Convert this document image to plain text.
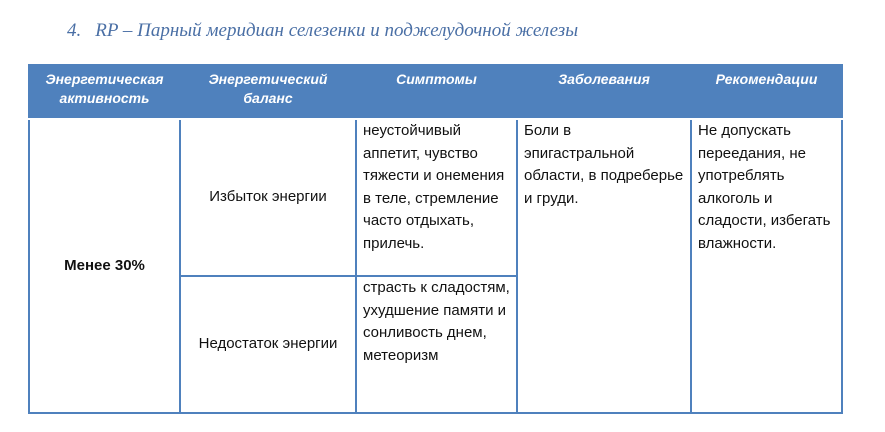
4. RP – Парный меридиан селезенки и поджелудочной железы
Энергетическая активность	Энергетический баланс	Симптомы	Заболевания	Рекомендации
Менее 30%	Избыток энергии	неустойчивый аппетит, чувство тяжести и онемения в теле, стремление часто отдыхать, прилечь.	Боли в эпигастральной области, в подреберье и груди.	Не допускать переедания, не употреблять алкоголь и сладости, избегать влажности.
	Недостаток энергии	страсть к сладостям, ухудшение памяти и сонливость днем, метеоризм		
